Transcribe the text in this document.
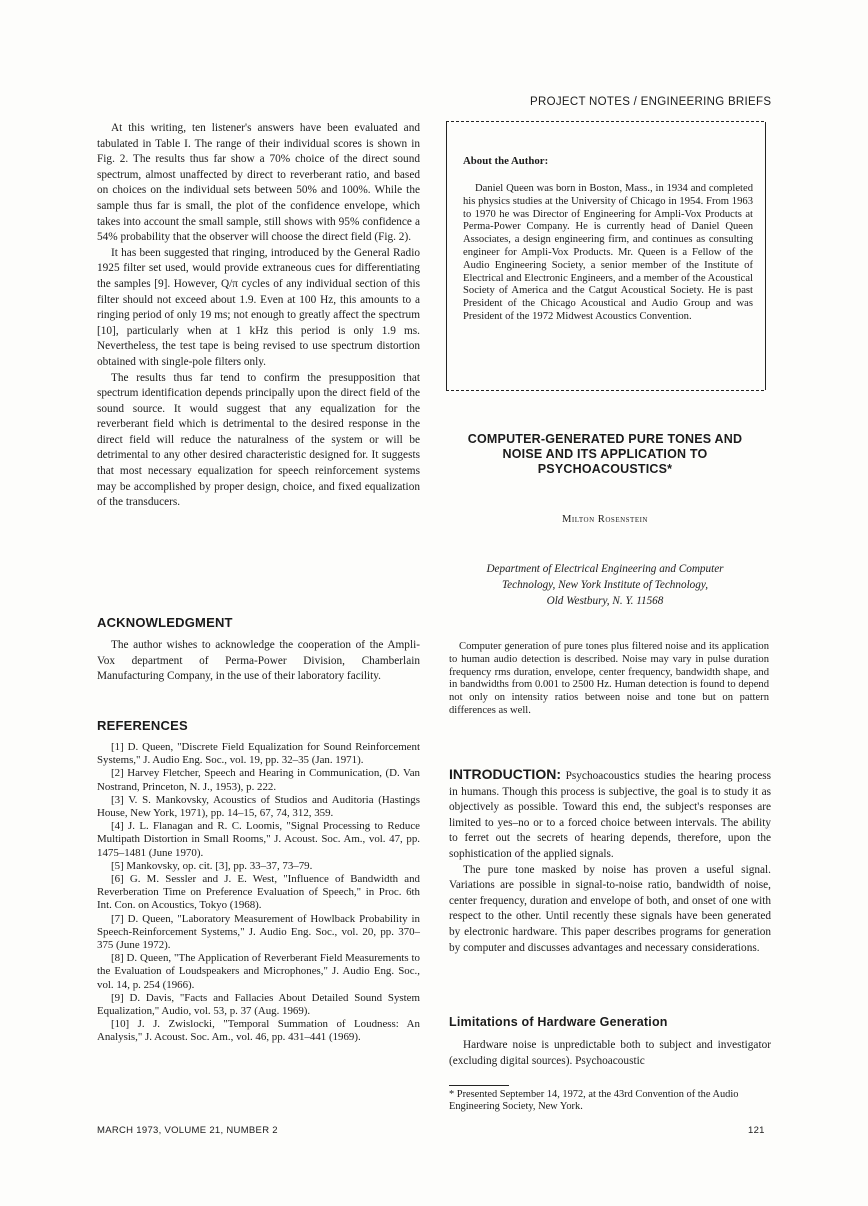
PROJECT NOTES / ENGINEERING BRIEFS

At this writing, ten listener's answers have been evaluated and tabulated in Table I. The range of their individual scores is shown in Fig. 2. The results thus far show a 70% choice of the direct sound spectrum, almost unaffected by direct to reverberant ratio, and based on choices on the individual sets between 50% and 100%. While the sample thus far is small, the plot of the confidence envelope, which takes into account the small sample, still shows with 95% confidence a 54% probability that the observer will choose the direct field (Fig. 2).

It has been suggested that ringing, introduced by the General Radio 1925 filter set used, would provide extraneous cues for differentiating the samples [9]. However, Q/π cycles of any individual section of this filter should not exceed about 1.9. Even at 100 Hz, this amounts to a ringing period of only 19 ms; not enough to greatly affect the spectrum [10], particularly when at 1 kHz this period is only 1.9 ms. Nevertheless, the test tape is being revised to use spectrum distortion obtained with single-pole filters only.

The results thus far tend to confirm the presupposition that spectrum identification depends principally upon the direct field of the sound source. It would suggest that any equalization for the reverberant field which is detrimental to the desired response in the direct field will reduce the naturalness of the system or will be detrimental to any other desired characteristic designed for. It suggests that most necessary equalization for speech reinforcement systems may be accomplished by proper design, choice, and fixed equalization of the transducers.

ACKNOWLEDGMENT

The author wishes to acknowledge the cooperation of the Ampli-Vox department of Perma-Power Division, Chamberlain Manufacturing Company, in the use of their laboratory facility.

REFERENCES

[1] D. Queen, "Discrete Field Equalization for Sound Reinforcement Systems," J. Audio Eng. Soc., vol. 19, pp. 32–35 (Jan. 1971).

[2] Harvey Fletcher, Speech and Hearing in Communication, (D. Van Nostrand, Princeton, N. J., 1953), p. 222.

[3] V. S. Mankovsky, Acoustics of Studios and Auditoria (Hastings House, New York, 1971), pp. 14–15, 67, 74, 312, 359.

[4] J. L. Flanagan and R. C. Loomis, "Signal Processing to Reduce Multipath Distortion in Small Rooms," J. Acoust. Soc. Am., vol. 47, pp. 1475–1481 (June 1970).

[5] Mankovsky, op. cit. [3], pp. 33–37, 73–79.

[6] G. M. Sessler and J. E. West, "Influence of Bandwidth and Reverberation Time on Preference Evaluation of Speech," in Proc. 6th Int. Con. on Acoustics, Tokyo (1968).

[7] D. Queen, "Laboratory Measurement of Howlback Probability in Speech-Reinforcement Systems," J. Audio Eng. Soc., vol. 20, pp. 370–375 (June 1972).

[8] D. Queen, "The Application of Reverberant Field Measurements to the Evaluation of Loudspeakers and Microphones," J. Audio Eng. Soc., vol. 14, p. 254 (1966).

[9] D. Davis, "Facts and Fallacies About Detailed Sound System Equalization," Audio, vol. 53, p. 37 (Aug. 1969).

[10] J. J. Zwislocki, "Temporal Summation of Loudness: An Analysis," J. Acoust. Soc. Am., vol. 46, pp. 431–441 (1969).

About the Author:

Daniel Queen was born in Boston, Mass., in 1934 and completed his physics studies at the University of Chicago in 1954. From 1963 to 1970 he was Director of Engineering for Ampli-Vox Products at Perma-Power Company. He is currently head of Daniel Queen Associates, a design engineering firm, and continues as consulting engineer for Ampli-Vox Products. Mr. Queen is a Fellow of the Audio Engineering Society, a senior member of the Institute of Electrical and Electronic Engineers, and a member of the Acoustical Society of America and the Catgut Acoustical Society. He is past President of the Chicago Acoustical and Audio Group and was President of the 1972 Midwest Acoustics Convention.

COMPUTER-GENERATED PURE TONES AND
NOISE AND ITS APPLICATION TO
PSYCHOACOUSTICS*
Milton Rosenstein
Department of Electrical Engineering and Computer
Technology, New York Institute of Technology,
Old Westbury, N. Y. 11568

Computer generation of pure tones plus filtered noise and its application to human audio detection is described. Noise may vary in pulse duration frequency rms duration, envelope, center frequency, bandwidth shape, and in bandwidths from 0.001 to 2500 Hz. Human detection is found to depend not only on intensity ratios between noise and tone but on pattern differences as well.

INTRODUCTION: Psychoacoustics studies the hearing process in humans. Though this process is subjective, the goal is to study it as objectively as possible. Toward this end, the subject's responses are limited to yes–no or to a forced choice between intervals. The ability to ferret out the secrets of hearing depends, therefore, upon the sophistication of the applied signals.

The pure tone masked by noise has proven a useful signal. Variations are possible in signal-to-noise ratio, bandwidth of noise, center frequency, duration and envelope of both, and onset of one with respect to the other. Until recently these signals have been generated by electronic hardware. This paper describes programs for generation by computer and discusses advantages and necessary considerations.

Limitations of Hardware Generation

Hardware noise is unpredictable both to subject and investigator (excluding digital sources). Psychoacoustic

* Presented September 14, 1972, at the 43rd Convention of the Audio Engineering Society, New York.

MARCH 1973, VOLUME 21, NUMBER 2	121
